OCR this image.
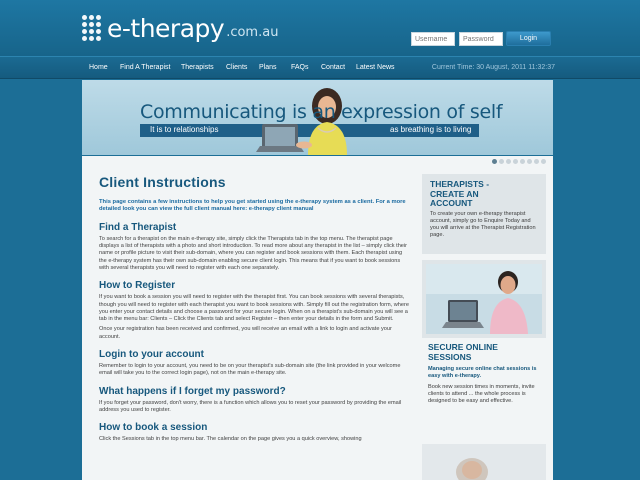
e-therapy .com.au
Username	Login
Home Find A Therapist Therapists Clients Plans FAQs Contact Latest News	Current Time: 30 August, 2011 11:32:37
Communicating is an expression of self
It is to relationships	as breathing is to living
Client Instructions

This page contains a few instructions to help you get started using the e-therapy system as a client. For a more detailed look you can view the full client manual here: e-therapy client manual

Find a Therapist

To search for a therapist on the main e-therapy site, simply click the Therapists tab in the top menu. The therapist page displays a list of therapists with a photo and short introduction. To read more about any therapist in the list – simply click their name or profile picture to visit their sub-domain, where you can register and book sessions with them. Each therapist using the e-therapy system has their own sub-domain enabling secure client login. This means that if you want to book sessions with several therapists you will need to register with each one separately.

How to Register

If you want to book a session you will need to register with the therapist first. You can book sessions with several therapists, though you will need to register with each therapist you want to book sessions with. Simply fill out the registration form, where you enter your contact details and choose a password for your secure login. When on a therapist's sub-domain you will see a tab in the menu bar: Clients – Click the Clients tab and select Register – then enter your details in the form and Submit.

Once your registration has been received and confirmed, you will receive an email with a link to login and activate your account.

Login to your account

Remember to login to your account, you need to be on your therapist's sub-domain site (the link provided in your welcome email will take you to the correct login page), not on the main e-therapy site.

What happens if I forget my password?

If you forget your password, don't worry, there is a function which allows you to reset your password by providing the email address you used to register.

How to book a session

Click the Sessions tab in the top menu bar. The calendar on the page gives you a quick overview, showing

THERAPISTS -
CREATE AN
ACCOUNT

To create your own e-therapy therapist account, simply go to Enquire Today and you will arrive at the Therapist Registration page.

SECURE ONLINE
SESSIONS

Managing secure online chat sessions is easy with e-therapy.

Book new session times in moments, invite clients to attend ... the whole process is designed to be easy and effective.
